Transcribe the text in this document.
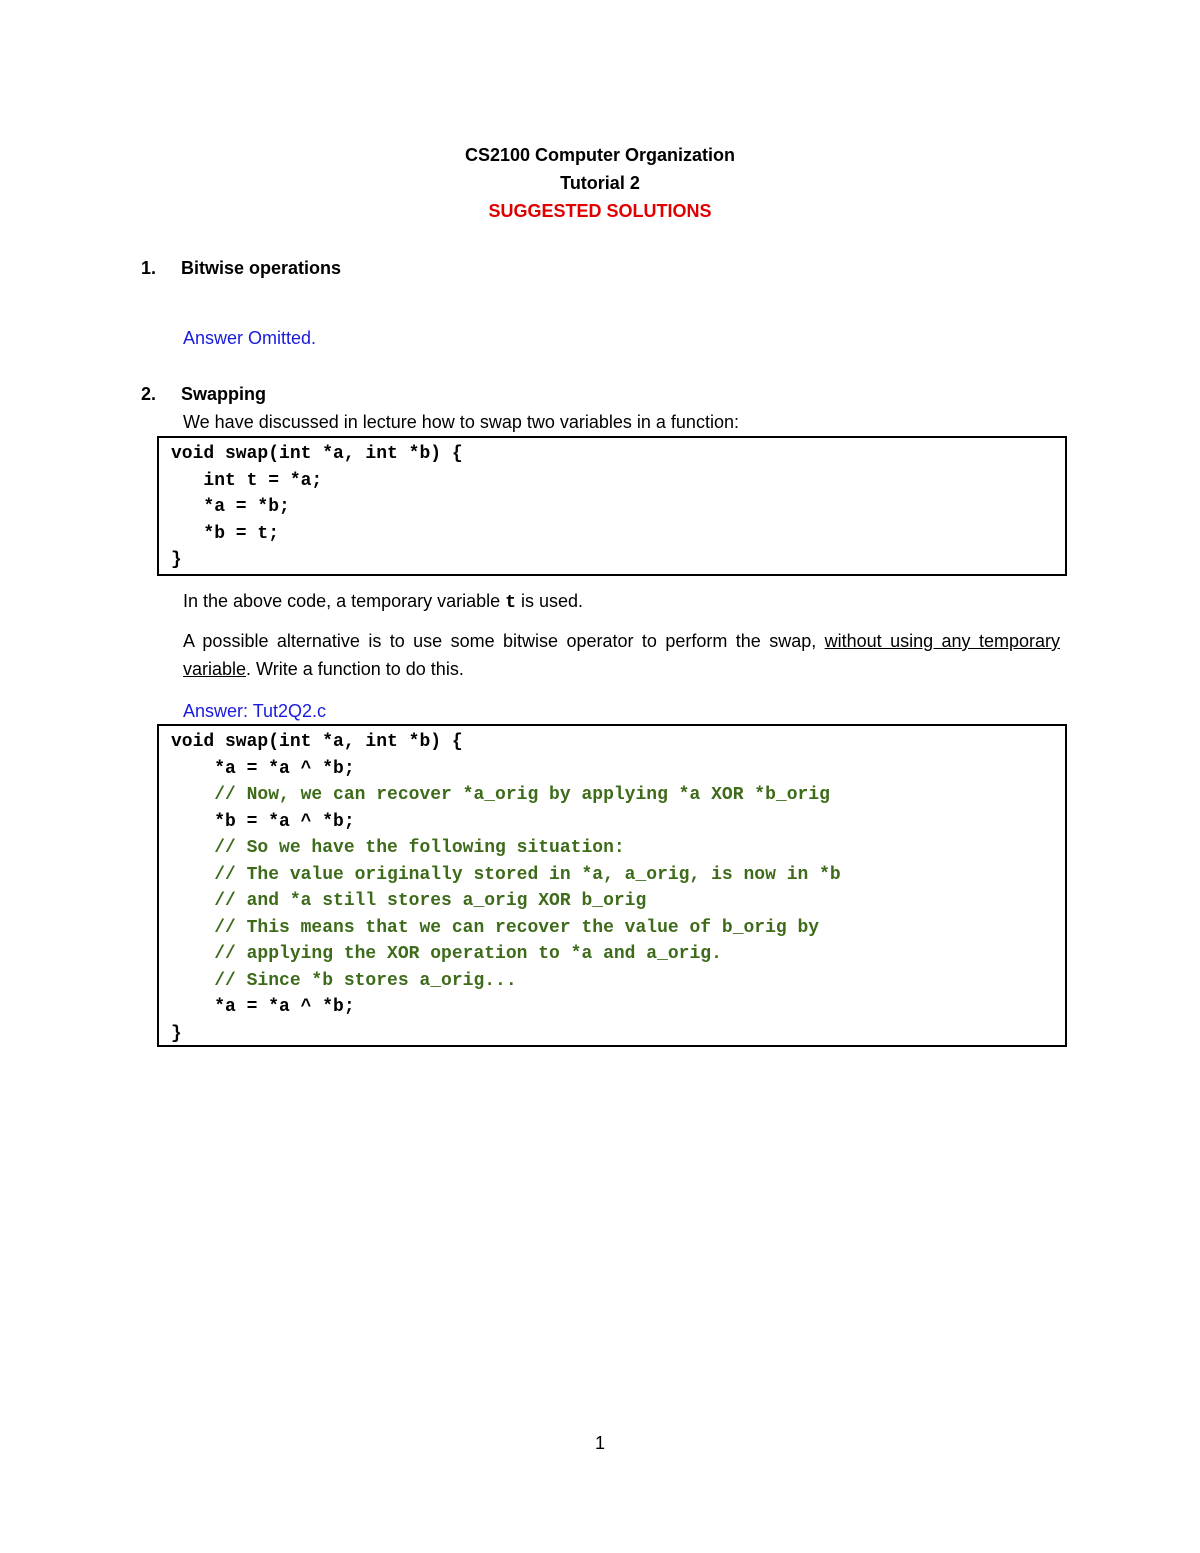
CS2100 Computer Organization
Tutorial 2
SUGGESTED SOLUTIONS
1. Bitwise operations
Answer Omitted.
2. Swapping
We have discussed in lecture how to swap two variables in a function:
void swap(int *a, int *b) {
int t = *a;
*a = *b;
*b = t;
}
In the above code, a temporary variable t is used.
A possible alternative is to use some bitwise operator to perform the swap, without using any temporary variable. Write a function to do this.
Answer: Tut2Q2.c
void swap(int *a, int *b) {
*a = *a ^ *b;
// Now, we can recover *a_orig by applying *a XOR *b_orig
*b = *a ^ *b;
// So we have the following situation:
// The value originally stored in *a, a_orig, is now in *b
// and *a still stores a_orig XOR b_orig
// This means that we can recover the value of b_orig by
// applying the XOR operation to *a and a_orig.
// Since *b stores a_orig...
*a = *a ^ *b;
}
1
